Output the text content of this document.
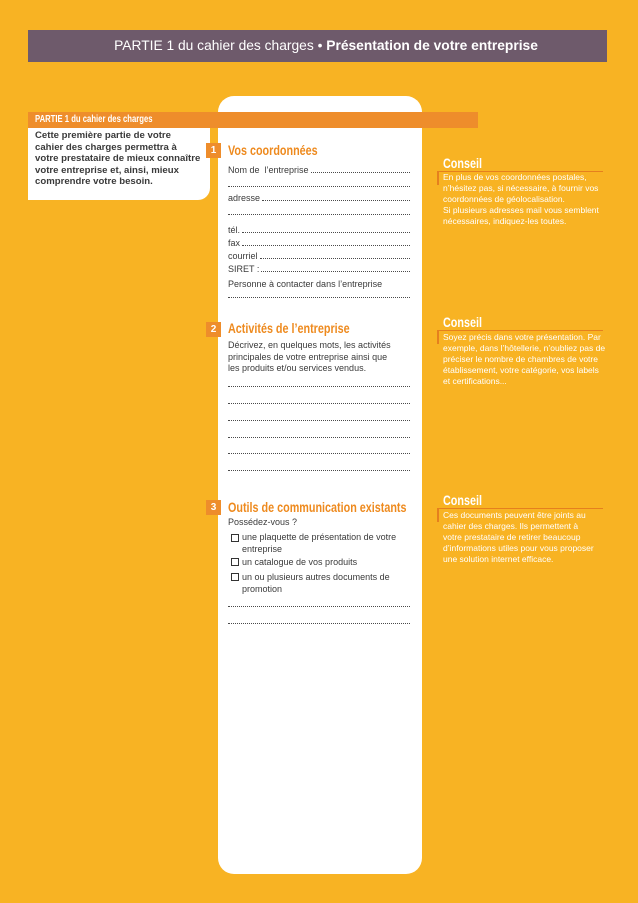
PARTIE 1 du cahier des charges • Présentation de votre entreprise
PARTIE 1 du cahier des charges
Cette première partie de votre
cahier des charges permettra à
votre prestataire de mieux connaître
votre entreprise et, ainsi, mieux
comprendre votre besoin.
1 Vos coordonnées
Nom de  l’entreprise
adresse
tél.
fax
courriel
SIRET :
Personne à contacter dans l’entreprise
Conseil
En plus de vos coordonnées postales,
n’hésitez pas, si nécessaire, à fournir vos
coordonnées de géolocalisation.
Si plusieurs adresses mail vous semblent
nécessaires, indiquez-les toutes.
2 Activités de l’entreprise
Décrivez, en quelques mots, les activités
principales de votre entreprise ainsi que
les produits et/ou services vendus.
Conseil
Soyez précis dans votre présentation. Par
exemple, dans l’hôtellerie, n’oubliez pas de
préciser le nombre de chambres de votre
établissement, votre catégorie, vos labels
et certifications...
3 Outils de communication existants
Possédez-vous ?
une plaquette de présentation de votre
entreprise
un catalogue de vos produits
un ou plusieurs autres documents de
promotion
Conseil
Ces documents peuvent être joints au
cahier des charges. Ils permettent à
votre prestataire de retirer beaucoup
d’informations utiles pour vous proposer
une solution internet efficace.
